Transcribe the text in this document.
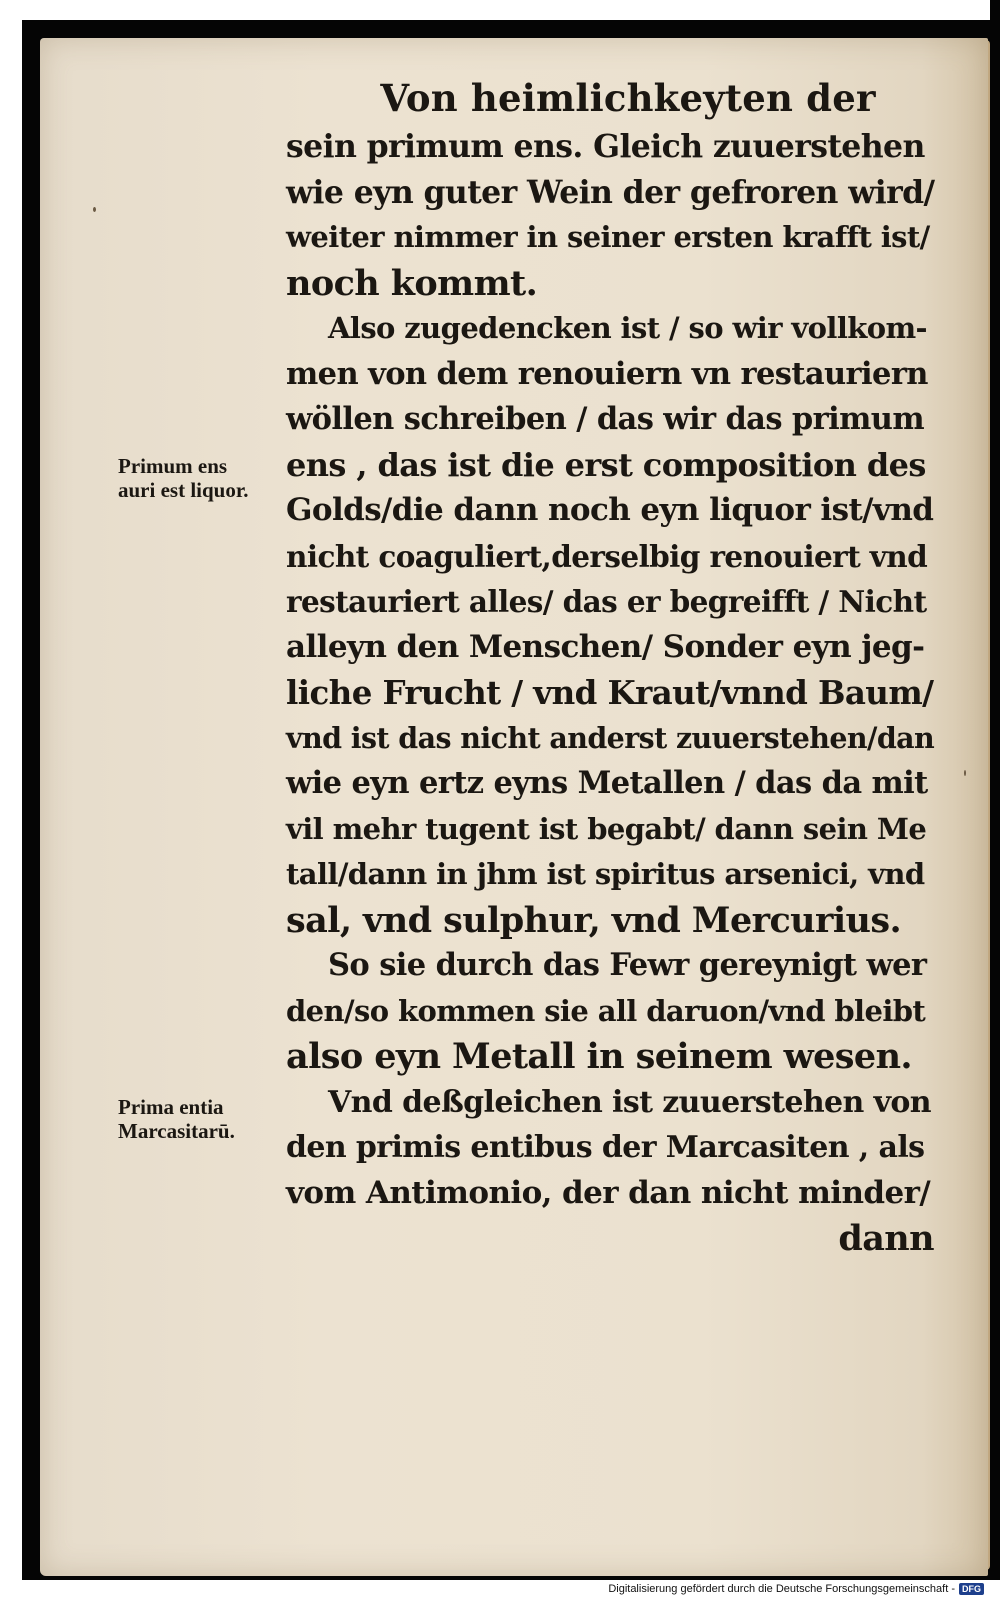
Von heimlichkeyten der
sein primum ens. Gleich zuuerstehen
wie eyn guter Wein der gefroren wird/
weiter nimmer in seiner ersten krafft ist/
noch kommt.
Also zugedencken ist / so wir vollkom-
men von dem renouiern vn restauriern
wöllen schreiben / das wir das primum
ens , das ist die erst composition des
Golds/die dann noch eyn liquor ist/vnd
nicht coaguliert,derselbig renouiert vnd
restauriert alles/ das er begreifft / Nicht
alleyn den Menschen/ Sonder eyn jeg-
liche Frucht / vnd Kraut/vnnd Baum/
vnd ist das nicht anderst zuuerstehen/dan
wie eyn ertz eyns Metallen / das da mit
vil mehr tugent ist begabt/ dann sein Me
tall/dann in jhm ist spiritus arsenici, vnd
sal, vnd sulphur, vnd Mercurius.
So sie durch das Fewr gereynigt wer
den/so kommen sie all daruon/vnd bleibt
also eyn Metall in seinem wesen.
Vnd deßgleichen ist zuuerstehen von
den primis entibus der Marcasiten , als
vom Antimonio, der dan nicht minder/
dann
Primum ens
auri est liquor.
Prima entia
Marcasitarū.
Digitalisierung gefördert durch die Deutsche Forschungsgemeinschaft - DFG
